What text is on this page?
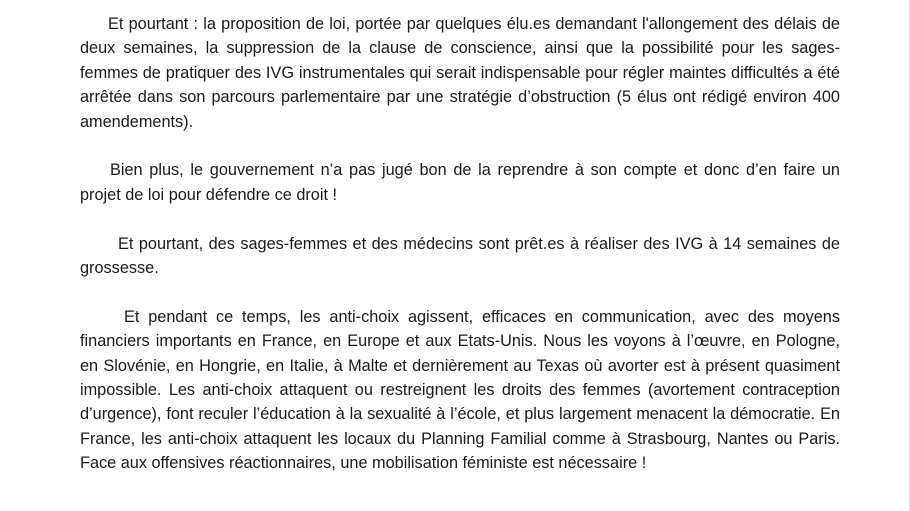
Et pourtant : la proposition de loi, portée par quelques élu.es demandant l'allongement des délais de deux semaines, la suppression de la clause de conscience, ainsi que la possibilité pour les sages-femmes de pratiquer des IVG instrumentales qui serait indispensable pour régler maintes difficultés a été arrêtée dans son parcours parlementaire par une stratégie d’obstruction (5 élus ont rédigé environ 400 amendements).

Bien plus, le gouvernement n’a pas jugé bon de la reprendre à son compte et donc d’en faire un projet de loi pour défendre ce droit !

Et pourtant, des sages-femmes et des médecins sont prêt.es à réaliser des IVG à 14 semaines de grossesse.

Et pendant ce temps, les anti-choix agissent, efficaces en communication, avec des moyens financiers importants en France, en Europe et aux Etats-Unis. Nous les voyons à l’œuvre, en Pologne, en Slovénie, en Hongrie, en Italie, à Malte et dernièrement au Texas où avorter est à présent quasiment impossible. Les anti-choix attaquent ou restreignent les droits des femmes (avortement contraception d’urgence), font reculer l’éducation à la sexualité à l’école, et plus largement menacent la démocratie. En France, les anti-choix attaquent les locaux du Planning Familial comme à Strasbourg, Nantes ou Paris. Face aux offensives réactionnaires, une mobilisation féministe est nécessaire !
